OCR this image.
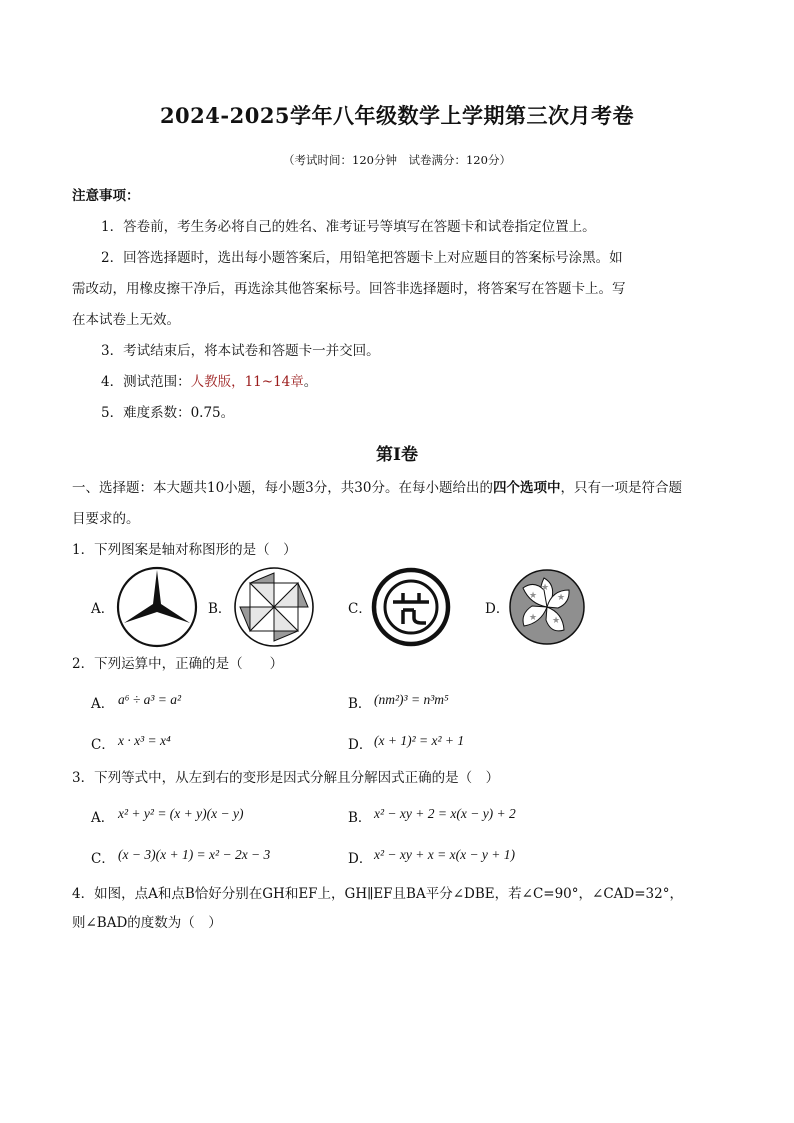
2024-2025学年八年级数学上学期第三次月考卷
（考试时间：120分钟　试卷满分：120分）
注意事项：
1．答卷前，考生务必将自己的姓名、准考证号等填写在答题卡和试卷指定位置上。
2．回答选择题时，选出每小题答案后，用铅笔把答题卡上对应题目的答案标号涂黑。如
需改动，用橡皮擦干净后，再选涂其他答案标号。回答非选择题时，将答案写在答题卡上。写
在本试卷上无效。
3．考试结束后，将本试卷和答题卡一并交回。
4．测试范围：人教版，11~14章。
5．难度系数：0.75。
第Ⅰ卷
一、选择题：本大题共10小题，每小题3分，共30分。在每小题给出的四个选项中，只有一项是符合题
目要求的。
1．下列图案是轴对称图形的是（　）
A．	B．	C．	D．
★
★
★
★
★
2．下列运算中，正确的是（　　）
A． a⁶ ÷ a³ = a²	B． (nm²)³ = n³m⁵
C． x · x³ = x⁴	D． (x + 1)² = x² + 1
3．下列等式中，从左到右的变形是因式分解且分解因式正确的是（　）
A． x² + y² = (x + y)(x − y)	B． x² − xy + 2 = x(x − y) + 2
C． (x − 3)(x + 1) = x² − 2x − 3	D． x² − xy + x = x(x − y + 1)
4．如图，点A和点B恰好分别在GH和EF上，GH∥EF且BA平分∠DBE，若∠C=90°，∠CAD=32°，
则∠BAD的度数为（　）
